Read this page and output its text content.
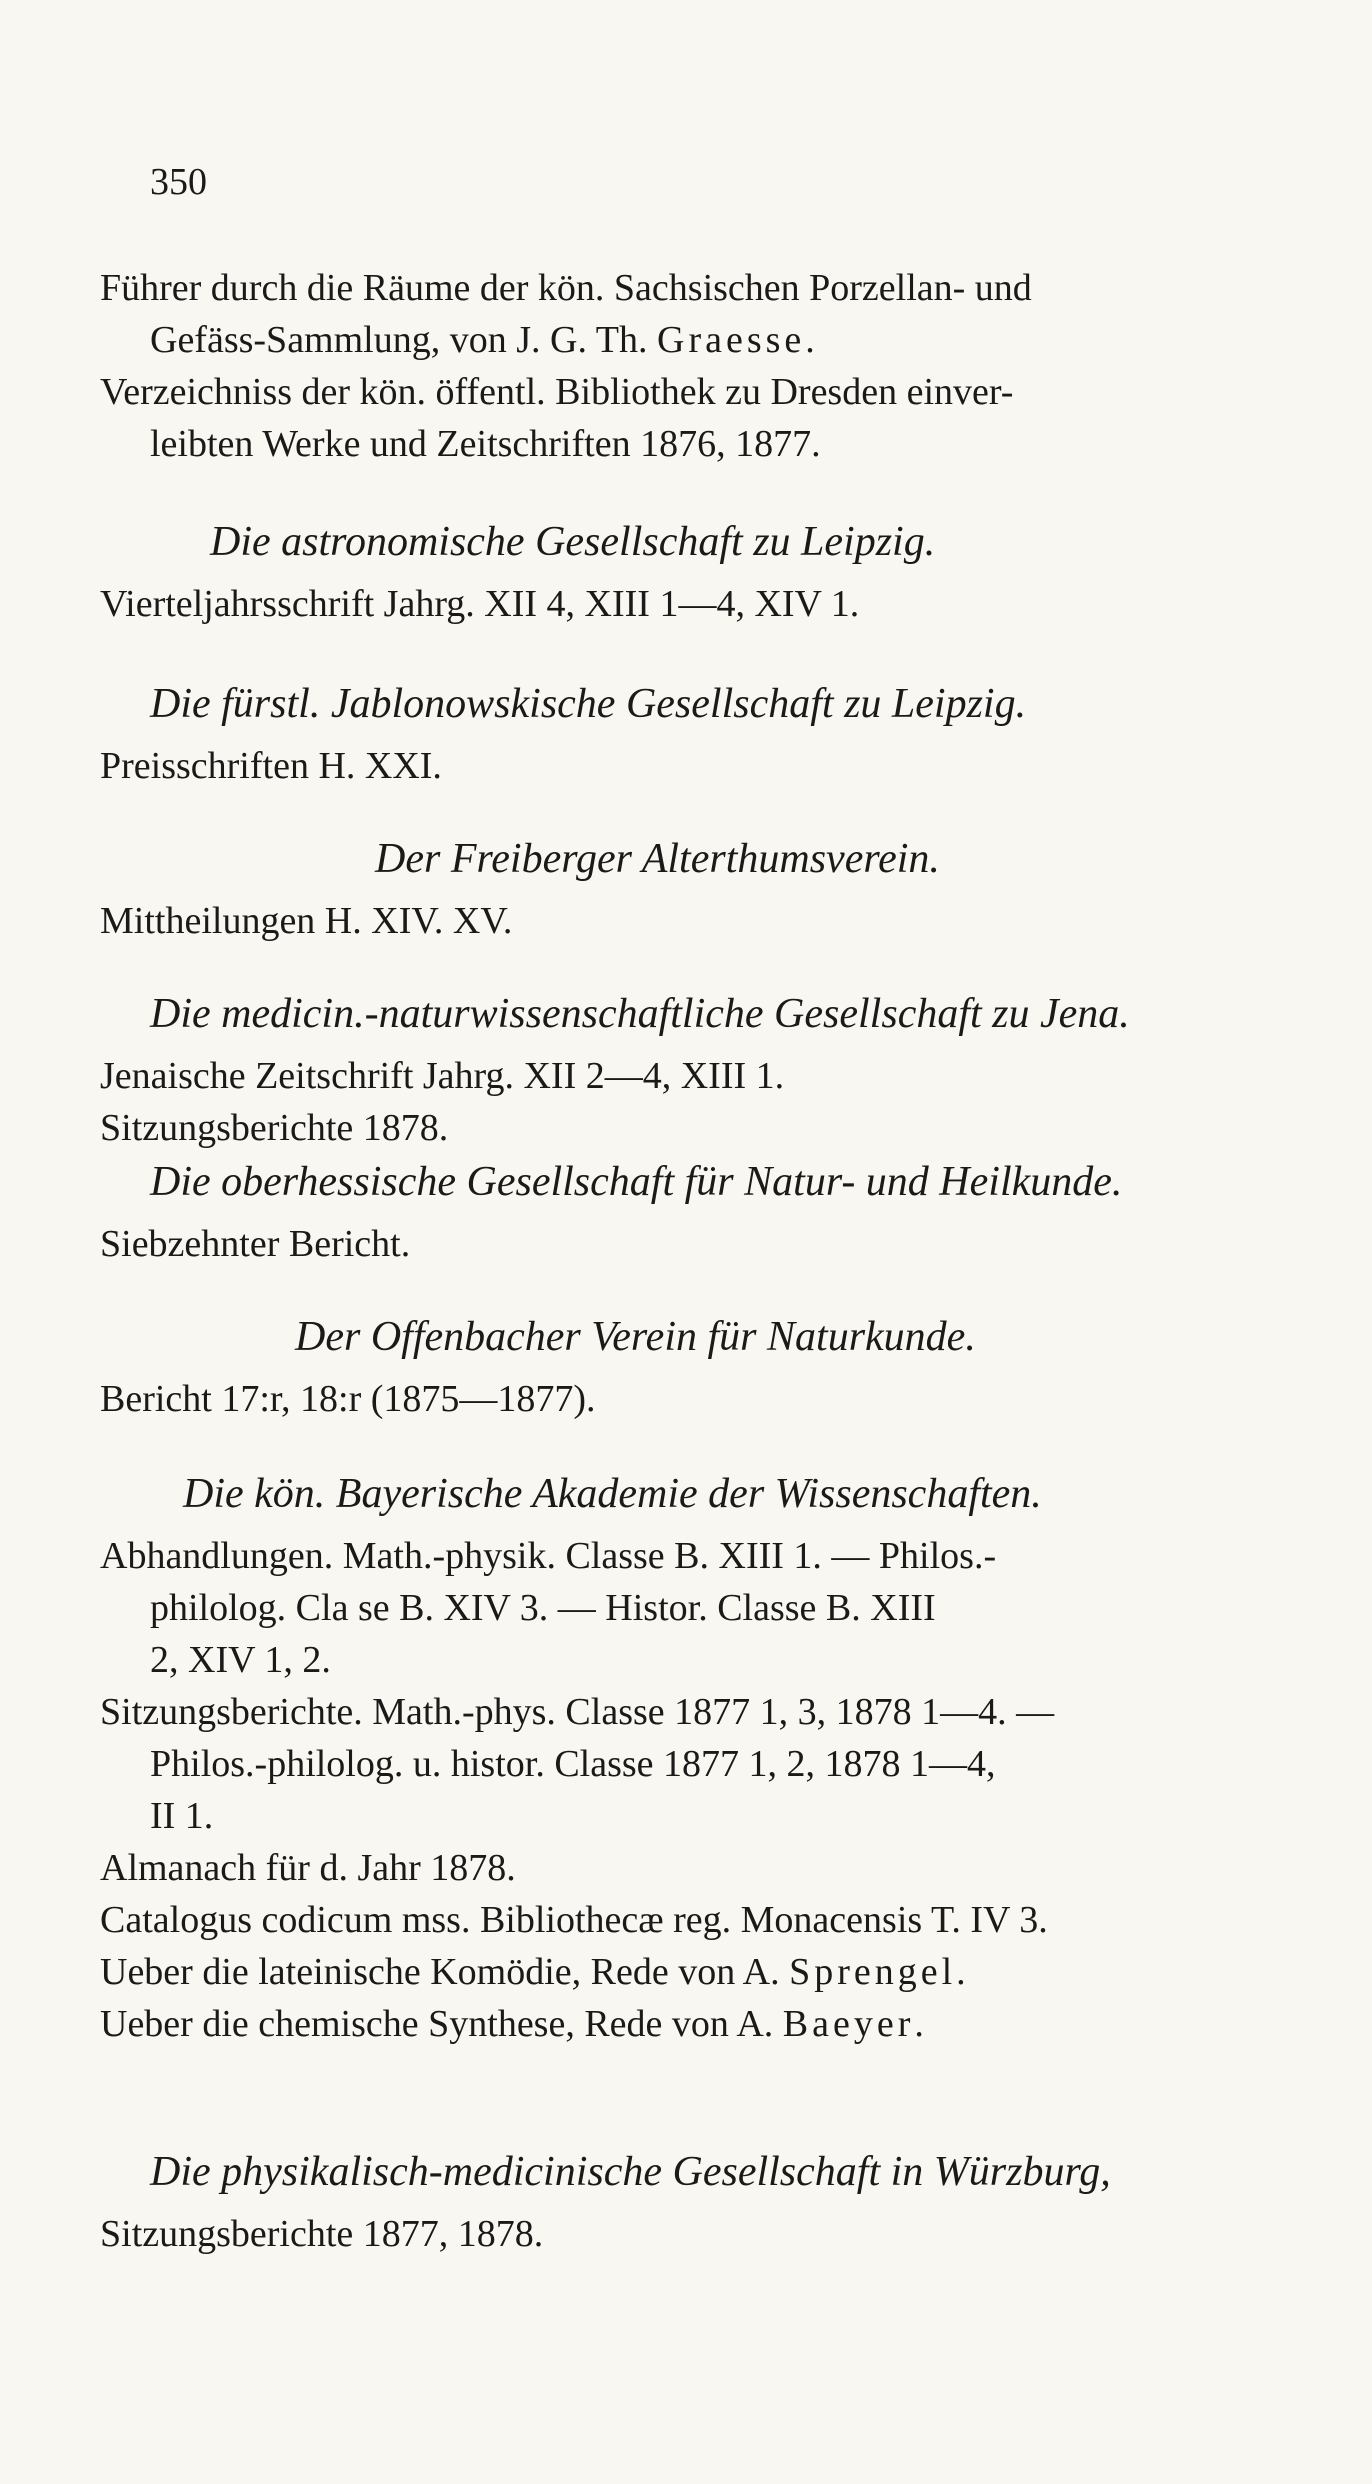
350
Führer durch die Räume der kön. Sachsischen Porzellan- und
Gefäss-Sammlung, von J. G. Th. Graesse.
Verzeichniss der kön. öffentl. Bibliothek zu Dresden einver-
leibten Werke und Zeitschriften 1876, 1877.
Die astronomische Gesellschaft zu Leipzig.
Vierteljahrsschrift Jahrg. XII 4, XIII 1—4, XIV 1.
Die fürstl. Jablonowskische Gesellschaft zu Leipzig.
Preisschriften H. XXI.
Der Freiberger Alterthumsverein.
Mittheilungen H. XIV. XV.
Die medicin.-naturwissenschaftliche Gesellschaft zu Jena.
Jenaische Zeitschrift Jahrg. XII 2—4, XIII 1.
Sitzungsberichte 1878.
Die oberhessische Gesellschaft für Natur- und Heilkunde.
Siebzehnter Bericht.
Der Offenbacher Verein für Naturkunde.
Bericht 17:r, 18:r (1875—1877).
Die kön. Bayerische Akademie der Wissenschaften.
Abhandlungen. Math.-physik. Classe B. XIII 1. — Philos.-
philolog. Cla se B. XIV 3. — Histor. Classe B. XIII
2, XIV 1, 2.
Sitzungsberichte. Math.-phys. Classe 1877 1, 3, 1878 1—4. —
Philos.-philolog. u. histor. Classe 1877 1, 2, 1878 1—4,
II 1.
Almanach für d. Jahr 1878.
Catalogus codicum mss. Bibliothecæ reg. Monacensis T. IV 3.
Ueber die lateinische Komödie, Rede von A. Sprengel.
Ueber die chemische Synthese, Rede von A. Baeyer.
Die physikalisch-medicinische Gesellschaft in Würzburg,
Sitzungsberichte 1877, 1878.
